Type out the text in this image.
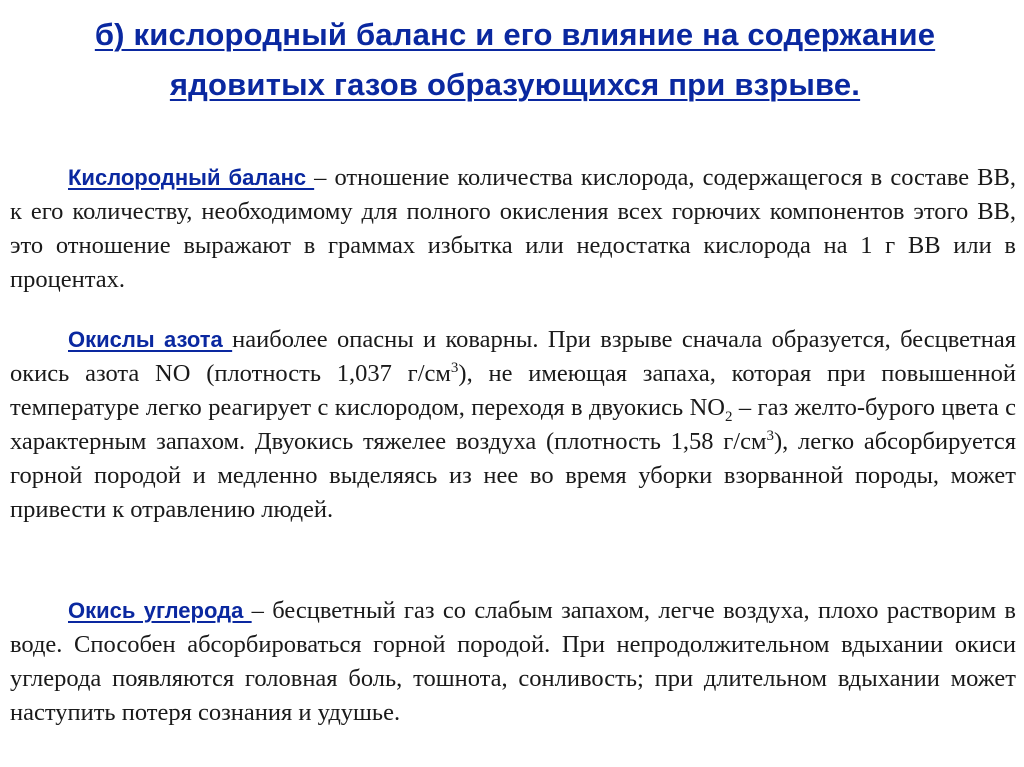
б) кислородный баланс и его влияние на содержание
ядовитых газов образующихся при взрыве.

Кислородный баланс – отношение количества кислорода, содержащегося в составе ВВ, к его количеству, необходимому для полного окисления всех горючих компонентов этого ВВ, это отношение выражают в граммах избытка или недостатка кислорода на 1 г ВВ или в процентах.

Окислы азота наиболее опасны и коварны. При взрыве сначала образуется, бесцветная окись азота NO (плотность 1,037 $г/см^3$), не имеющая запаха, которая при повышенной температуре легко реагирует с кислородом, переходя в двуокись $NO_2$ – газ желто-бурого цвета с характерным запахом. Двуокись тяжелее воздуха (плотность 1,58 $г/см^3$), легко абсорбируется горной породой и медленно выделяясь из нее во время уборки взорванной породы, может привести к отравлению людей.

Окись углерода – бесцветный газ со слабым запахом, легче воздуха, плохо растворим в воде. Способен абсорбироваться горной породой. При непродолжительном вдыхании окиси углерода появляются головная боль, тошнота, сонливость; при длительном вдыхании может наступить потеря сознания и удушье.
